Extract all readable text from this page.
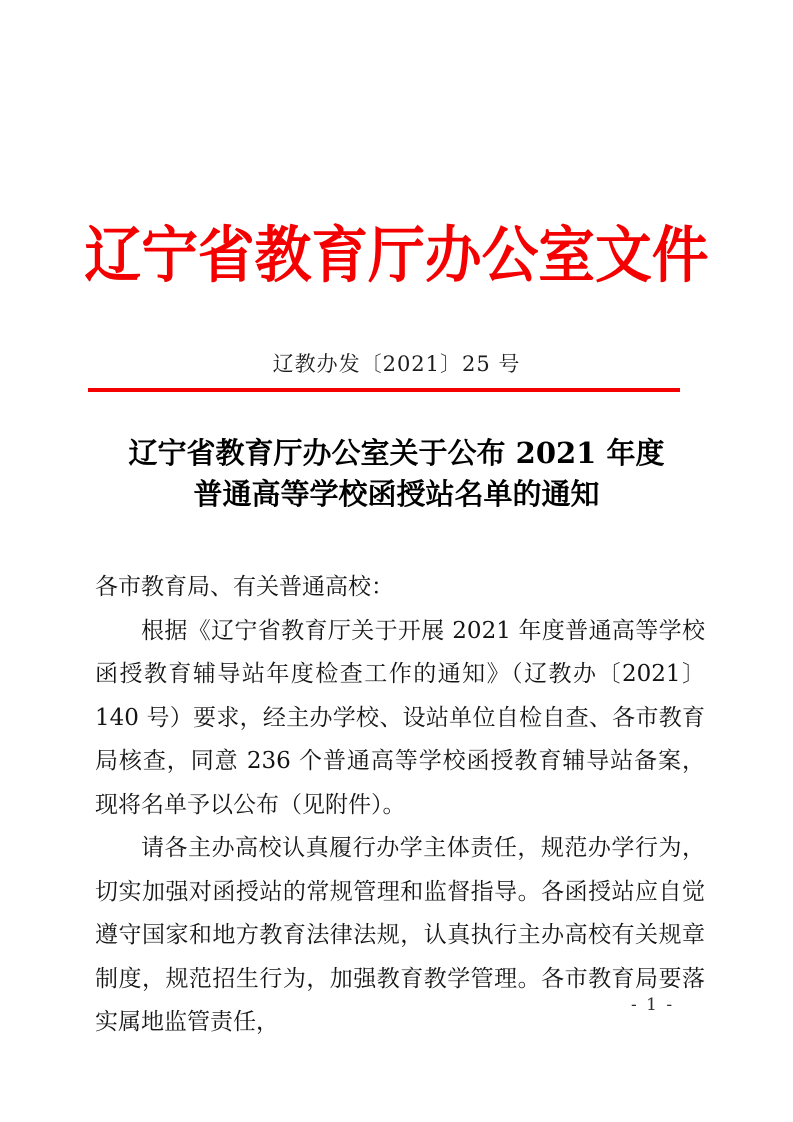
辽宁省教育厅办公室文件
辽教办发〔2021〕25 号
辽宁省教育厅办公室关于公布 2021 年度
普通高等学校函授站名单的通知

各市教育局、有关普通高校：

根据《辽宁省教育厅关于开展 2021 年度普通高等学校函授教育辅导站年度检查工作的通知》（辽教办〔2021〕140 号）要求，经主办学校、设站单位自检自查、各市教育局核查，同意 236 个普通高等学校函授教育辅导站备案，现将名单予以公布（见附件）。

请各主办高校认真履行办学主体责任，规范办学行为，切实加强对函授站的常规管理和监督指导。各函授站应自觉遵守国家和地方教育法律法规，认真执行主办高校有关规章制度，规范招生行为，加强教育教学管理。各市教育局要落实属地监管责任，

- 1 -
